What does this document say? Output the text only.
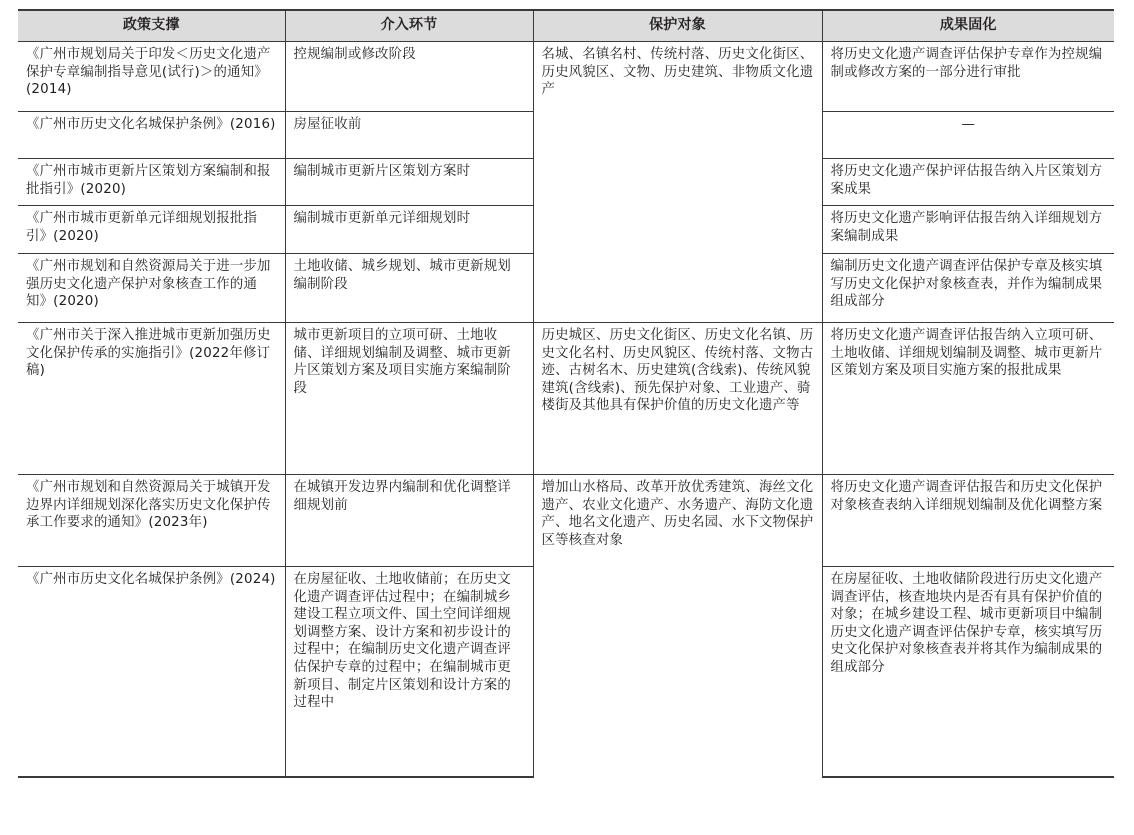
政策支撑	介入环节	保护对象	成果固化
《广州市规划局关于印发＜历史文化遗产保护专章编制指导意见(试行)＞的通知》(2014)	控规编制或修改阶段	名城、名镇名村、传统村落、历史文化街区、历史风貌区、文物、历史建筑、非物质文化遗产	将历史文化遗产调查评估保护专章作为控规编制或修改方案的一部分进行审批
《广州市历史文化名城保护条例》(2016)	房屋征收前		—
《广州市城市更新片区策划方案编制和报批指引》(2020)	编制城市更新片区策划方案时		将历史文化遗产保护评估报告纳入片区策划方案成果
《广州市城市更新单元详细规划报批指引》(2020)	编制城市更新单元详细规划时		将历史文化遗产影响评估报告纳入详细规划方案编制成果
《广州市规划和自然资源局关于进一步加强历史文化遗产保护对象核查工作的通知》(2020)	土地收储、城乡规划、城市更新规划编制阶段		编制历史文化遗产调查评估保护专章及核实填写历史文化保护对象核查表，并作为编制成果组成部分
《广州市关于深入推进城市更新加强历史文化保护传承的实施指引》(2022年修订稿)	城市更新项目的立项可研、土地收储、详细规划编制及调整、城市更新片区策划方案及项目实施方案编制阶段	历史城区、历史文化街区、历史文化名镇、历史文化名村、历史风貌区、传统村落、文物古迹、古树名木、历史建筑(含线索)、传统风貌建筑(含线索)、预先保护对象、工业遗产、骑楼街及其他具有保护价值的历史文化遗产等	将历史文化遗产调查评估报告纳入立项可研、土地收储、详细规划编制及调整、城市更新片区策划方案及项目实施方案的报批成果
《广州市规划和自然资源局关于城镇开发边界内详细规划深化落实历史文化保护传承工作要求的通知》(2023年)	在城镇开发边界内编制和优化调整详细规划前	增加山水格局、改革开放优秀建筑、海丝文化遗产、农业文化遗产、水务遗产、海防文化遗产、地名文化遗产、历史名园、水下文物保护区等核查对象	将历史文化遗产调查评估报告和历史文化保护对象核查表纳入详细规划编制及优化调整方案
《广州市历史文化名城保护条例》(2024)	在房屋征收、土地收储前；在历史文化遗产调查评估过程中；在编制城乡建设工程立项文件、国土空间详细规划调整方案、设计方案和初步设计的过程中；在编制历史文化遗产调查评估保护专章的过程中；在编制城市更新项目、制定片区策划和设计方案的过程中		在房屋征收、土地收储阶段进行历史文化遗产调查评估，核查地块内是否有具有保护价值的对象；在城乡建设工程、城市更新项目中编制历史文化遗产调查评估保护专章，核实填写历史文化保护对象核查表并将其作为编制成果的组成部分
